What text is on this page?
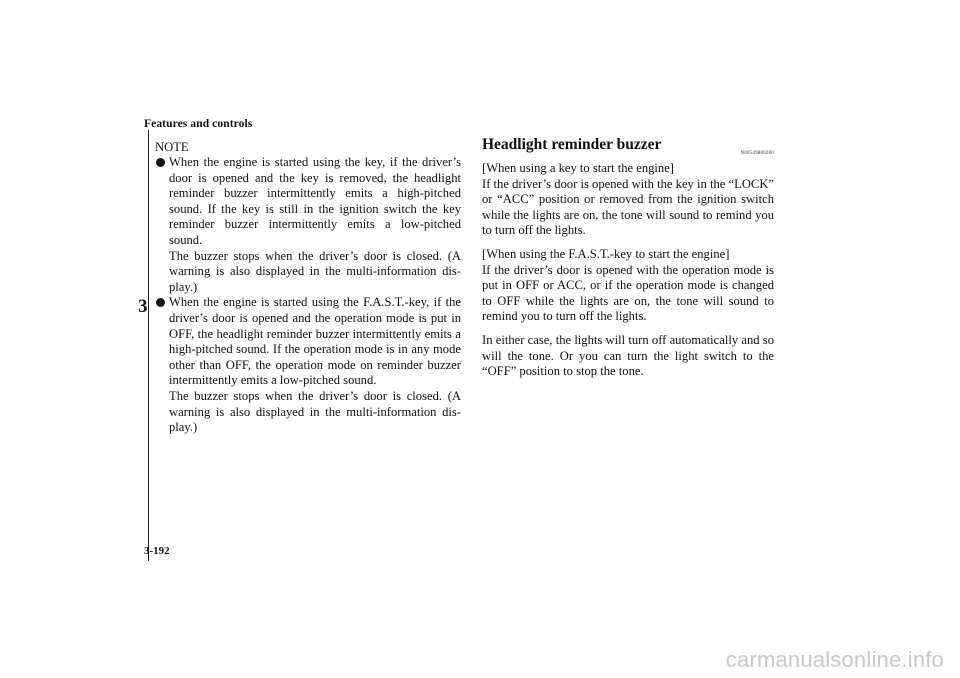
Features and controls
3
NOTE

When the engine is started using the key, if the driver’s door is opened and the key is removed, the headlight reminder buzzer intermittently emits a high-pitched sound. If the key is still in the ignition switch the key reminder buzzer intermittently emits a low-pitched sound.

The buzzer stops when the driver’s door is closed. (A warning is also displayed in the multi-information dis-play.)

When the engine is started using the F.A.S.T.-key, if the driver’s door is opened and the operation mode is put in OFF, the headlight reminder buzzer intermittently emits a high-pitched sound. If the operation mode is in any mode other than OFF, the operation mode on reminder buzzer intermittently emits a low-pitched sound.

The buzzer stops when the driver’s door is closed. (A warning is also displayed in the multi-information dis-play.)

Headlight reminder buzzer
N00549800200

[When using a key to start the engine]

If the driver’s door is opened with the key in the “LOCK” or “ACC” position or removed from the ignition switch while the lights are on, the tone will sound to remind you to turn off the lights.

[When using the F.A.S.T.-key to start the engine]

If the driver’s door is opened with the operation mode is put in OFF or ACC, or if the operation mode is changed to OFF while the lights are on, the tone will sound to remind you to turn off the lights.

In either case, the lights will turn off automatically and so will the tone. Or you can turn the light switch to the “OFF” position to stop the tone.

3-192
carmanualsonline.info
